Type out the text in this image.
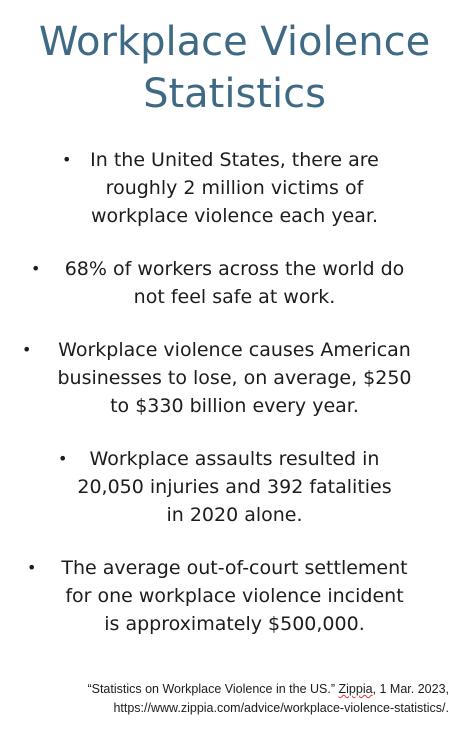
Workplace Violence
Statistics
• In the United States, there are
roughly 2 million victims of
workplace violence each year.
•	68% of workers across the world do
not feel safe at work.
•	Workplace violence causes American
businesses to lose, on average, $250
to $330 billion every year.
•	Workplace assaults resulted in
20,050 injuries and 392 fatalities
in 2020 alone.
•	The average out-of-court settlement
for one workplace violence incident
is approximately $500,000.
“Statistics on Workplace Violence in the US.” Zippia, 1 Mar. 2023,
https://www.zippia.com/advice/workplace-violence-statistics/.
